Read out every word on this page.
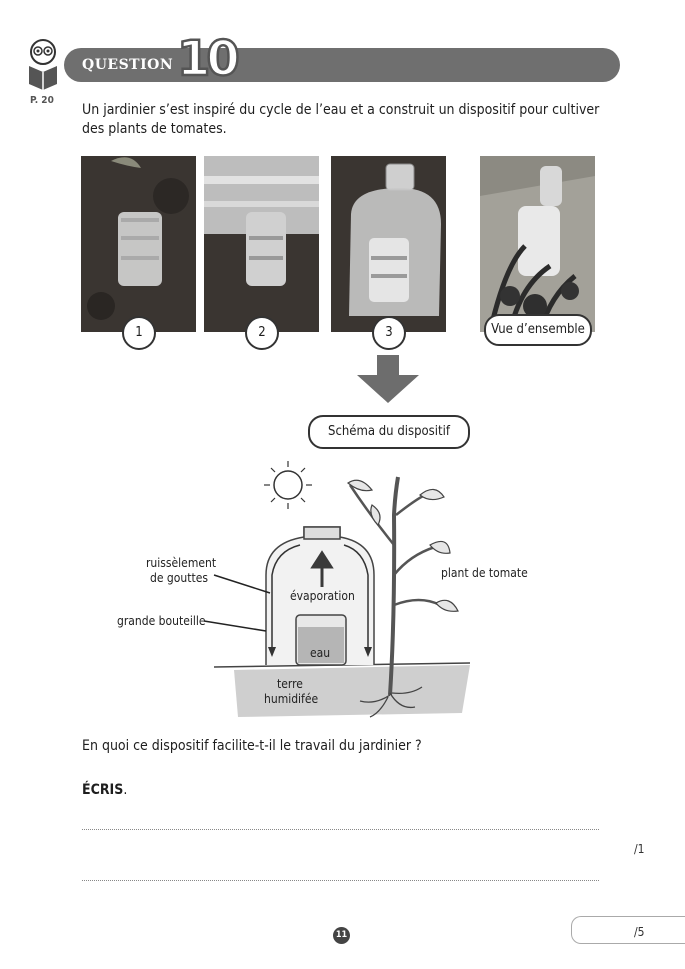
P. 20
QUESTION 10
Un jardinier s’est inspiré du cycle de l’eau et a construit un dispositif pour cultiver des plants de tomates.
1	2	3	Vue d’ensemble
Schéma du dispositif
ruissèlement
de gouttes
grande bouteille
évaporation
eau
plant de tomate
terre
humidifée
En quoi ce dispositif facilite-t-il le travail du jardinier ?
ÉCRIS.
/1
/5
11
